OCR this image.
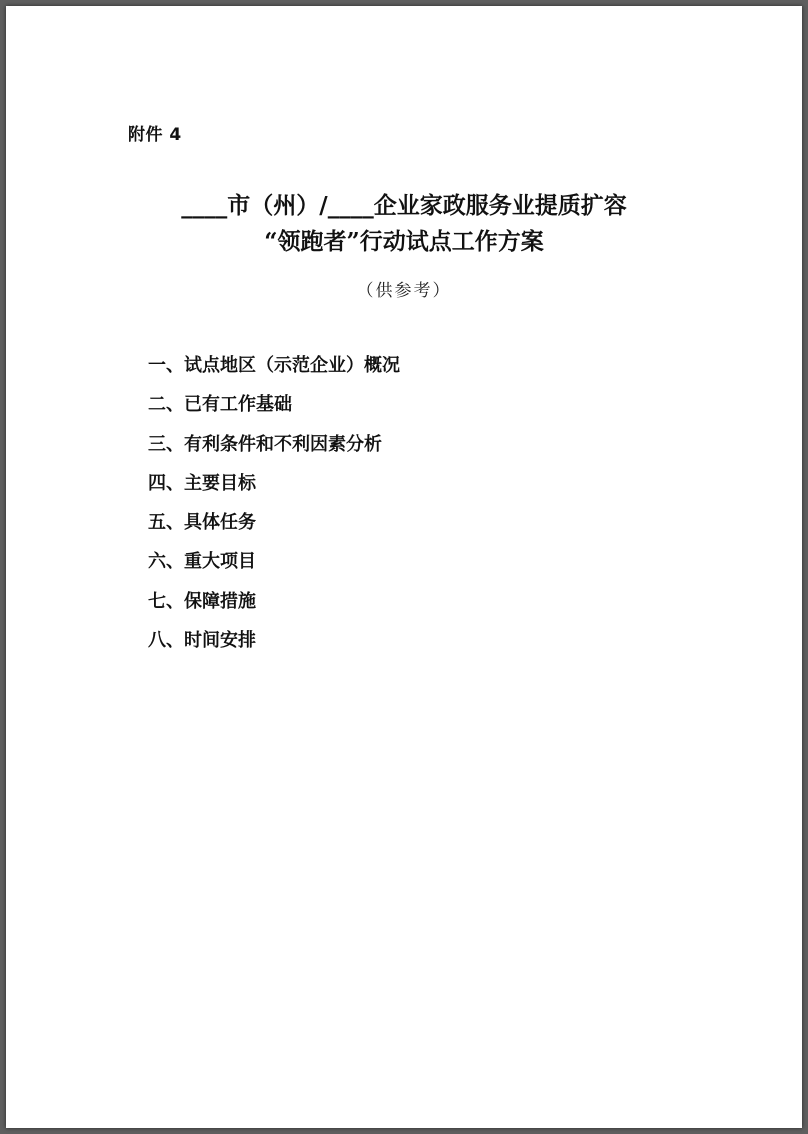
附件 4
____市（州）/____企业家政服务业提质扩容
“领跑者”行动试点工作方案
（供参考）
一、试点地区（示范企业）概况
二、已有工作基础
三、有利条件和不利因素分析
四、主要目标
五、具体任务
六、重大项目
七、保障措施
八、时间安排
